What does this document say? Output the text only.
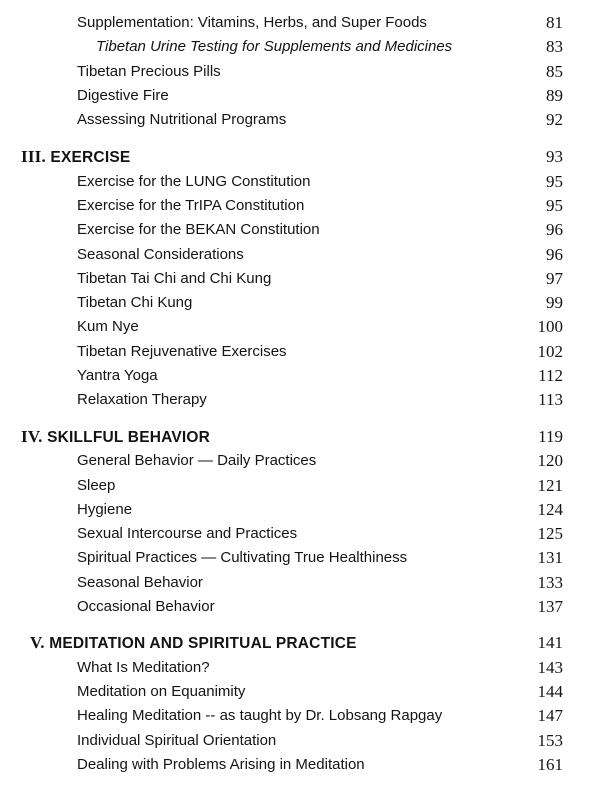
Supplementation: Vitamins, Herbs, and Super Foods	81
Tibetan Urine Testing for Supplements and Medicines	83
Tibetan Precious Pills	85
Digestive Fire	89
Assessing Nutritional Programs	92
III. EXERCISE	93
Exercise for the LUNG Constitution	95
Exercise for the TrIPA Constitution	95
Exercise for the BEKAN Constitution	96
Seasonal Considerations	96
Tibetan Tai Chi and Chi Kung	97
Tibetan Chi Kung	99
Kum Nye	100
Tibetan Rejuvenative Exercises	102
Yantra Yoga	112
Relaxation Therapy	113
IV. SKILLFUL BEHAVIOR	119
General Behavior — Daily Practices	120
Sleep	121
Hygiene	124
Sexual Intercourse and Practices	125
Spiritual Practices — Cultivating True Healthiness	131
Seasonal Behavior	133
Occasional Behavior	137
V. MEDITATION AND SPIRITUAL PRACTICE	141
What Is Meditation?	143
Meditation on Equanimity	144
Healing Meditation -- as taught by Dr. Lobsang Rapgay	147
Individual Spiritual Orientation	153
Dealing with Problems Arising in Meditation	161
